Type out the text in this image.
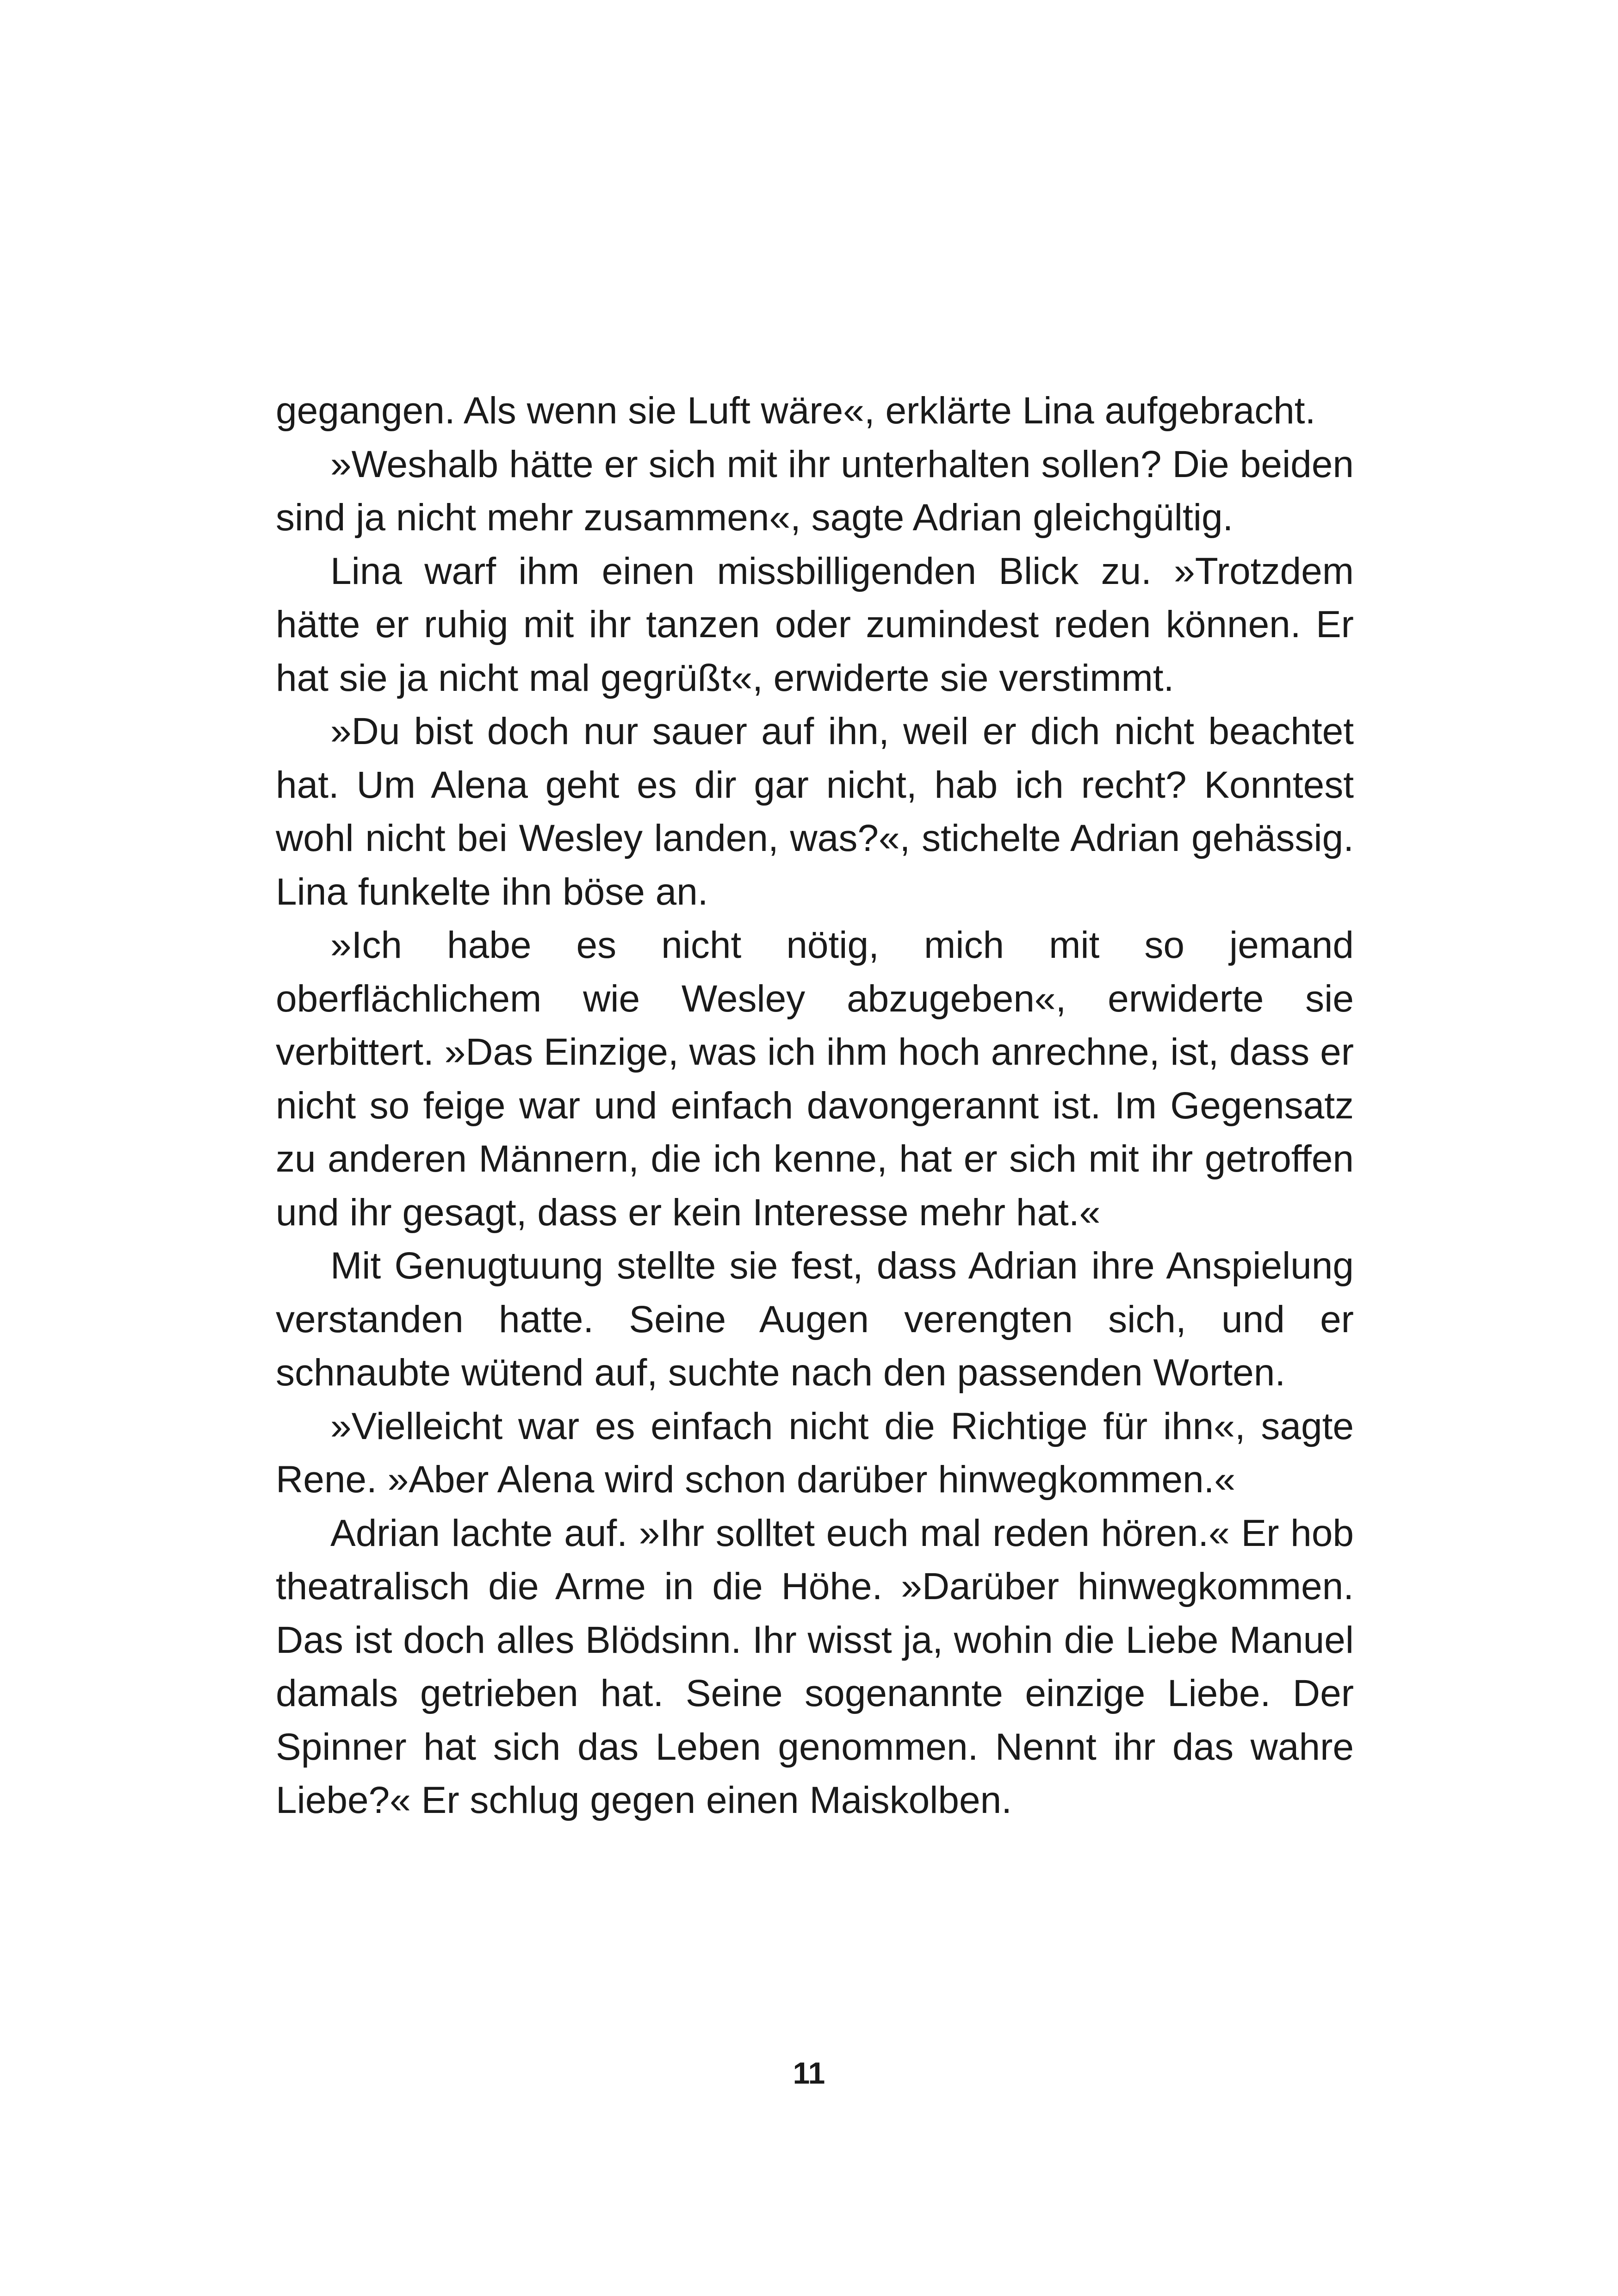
gegangen. Als wenn sie Luft wäre«, erklärte Lina aufgebracht.

»Weshalb hätte er sich mit ihr unterhalten sollen? Die beiden sind ja nicht mehr zusammen«, sagte Adrian gleichgültig.

Lina warf ihm einen missbilligenden Blick zu. »Trotzdem hätte er ruhig mit ihr tanzen oder zumindest reden können. Er hat sie ja nicht mal gegrüßt«, erwiderte sie verstimmt.

»Du bist doch nur sauer auf ihn, weil er dich nicht beachtet hat. Um Alena geht es dir gar nicht, hab ich recht? Konntest wohl nicht bei Wesley landen, was?«, stichelte Adrian gehässig. Lina funkelte ihn böse an.

»Ich habe es nicht nötig, mich mit so jemand oberflächlichem wie Wesley abzugeben«, erwiderte sie verbittert. »Das Einzige, was ich ihm hoch anrechne, ist, dass er nicht so feige war und einfach davongerannt ist. Im Gegensatz zu anderen Männern, die ich kenne, hat er sich mit ihr getroffen und ihr gesagt, dass er kein Interesse mehr hat.«

Mit Genugtuung stellte sie fest, dass Adrian ihre Anspielung verstanden hatte. Seine Augen verengten sich, und er schnaubte wütend auf, suchte nach den passenden Worten.

»Vielleicht war es einfach nicht die Richtige für ihn«, sagte Rene. »Aber Alena wird schon darüber hinwegkommen.«

Adrian lachte auf. »Ihr solltet euch mal reden hören.« Er hob theatralisch die Arme in die Höhe. »Darüber hinwegkommen. Das ist doch alles Blödsinn. Ihr wisst ja, wohin die Liebe Manuel damals getrieben hat. Seine sogenannte einzige Liebe. Der Spinner hat sich das Leben genommen. Nennt ihr das wahre Liebe?« Er schlug gegen einen Maiskolben.

11
